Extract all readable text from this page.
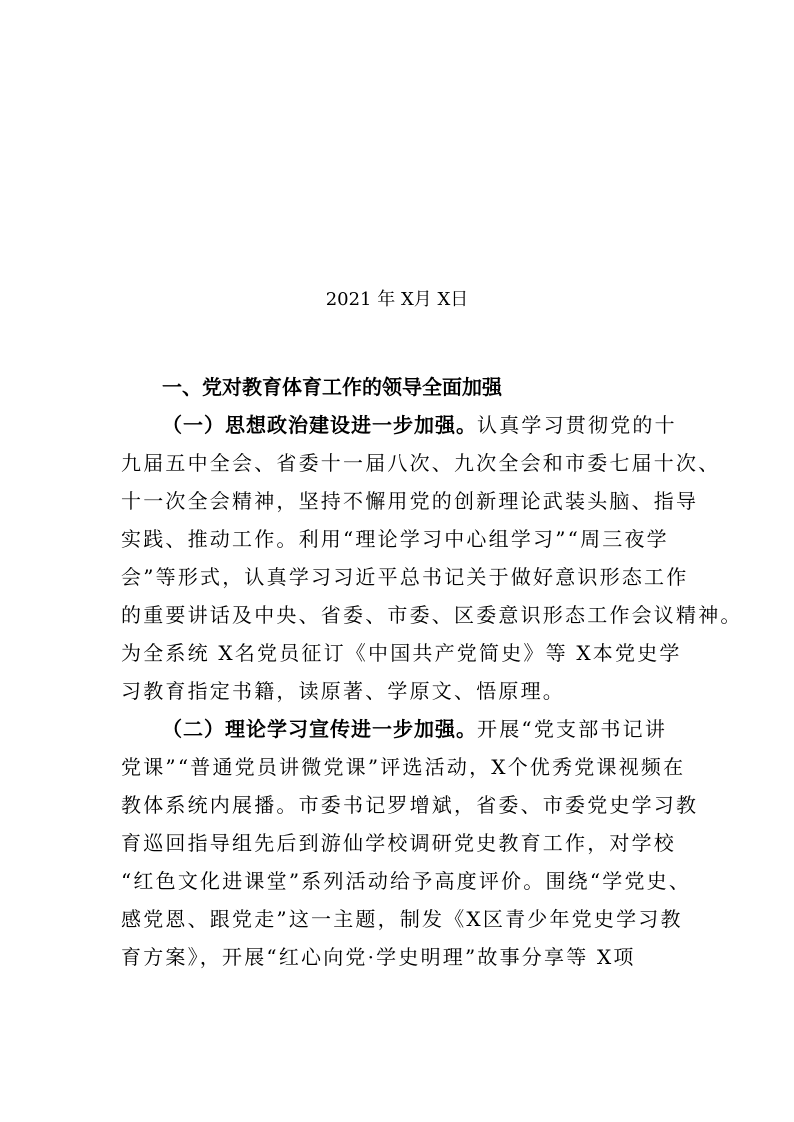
2021 年 X月 X日
一、党对教育体育工作的领导全面加强
（一）思想政治建设进一步加强。认真学习贯彻党的十
九届五中全会、省委十一届八次、九次全会和市委七届十次、
十一次全会精神，坚持不懈用党的创新理论武装头脑、指导
实践、推动工作。利用“理论学习中心组学习”“周三夜学
会”等形式，认真学习习近平总书记关于做好意识形态工作
的重要讲话及中央、省委、市委、区委意识形态工作会议精神。
为全系统 X名党员征订《中国共产党简史》等 X本党史学
习教育指定书籍，读原著、学原文、悟原理。
（二）理论学习宣传进一步加强。开展“党支部书记讲
党课”“普通党员讲微党课”评选活动，X个优秀党课视频在
教体系统内展播。市委书记罗增斌，省委、市委党史学习教
育巡回指导组先后到游仙学校调研党史教育工作，对学校
“红色文化进课堂”系列活动给予高度评价。围绕“学党史、
感党恩、跟党走”这一主题，制发《X区青少年党史学习教
育方案》，开展“红心向党·学史明理”故事分享等 X项
